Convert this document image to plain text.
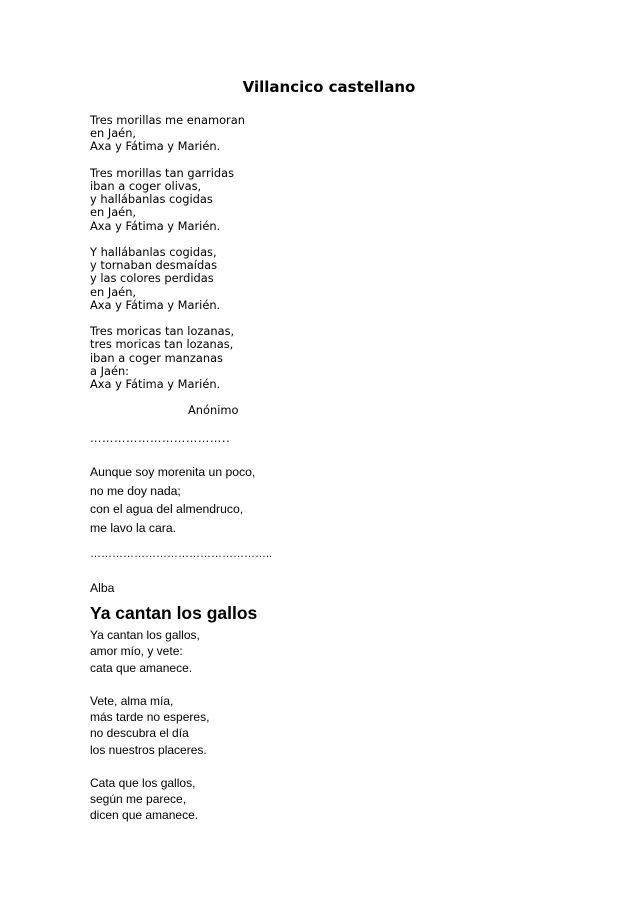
Villancico castellano
Tres morillas me enamoran
en Jaén,
Axa y Fátima y Marién.
Tres morillas tan garridas
iban a coger olivas,
y hallábanlas cogidas
en Jaén,
Axa y Fátima y Marién.
Y hallábanlas cogidas,
y tornaban desmaídas
y las colores perdidas
en Jaén,
Axa y Fátima y Marién.
Tres moricas tan lozanas,
tres moricas tan lozanas,
iban a coger manzanas
a Jaén:
Axa y Fátima y Marién.
Anónimo
……………………………..
Aunque soy morenita un poco,
no me doy nada;
con el agua del almendruco,
me lavo la cara.
…………………………………………..
Alba
Ya cantan los gallos
Ya cantan los gallos,
amor mío, y vete:
cata que amanece.
Vete, alma mía,
más tarde no esperes,
no descubra el día
los nuestros placeres.
Cata que los gallos,
según me parece,
dicen que amanece.
